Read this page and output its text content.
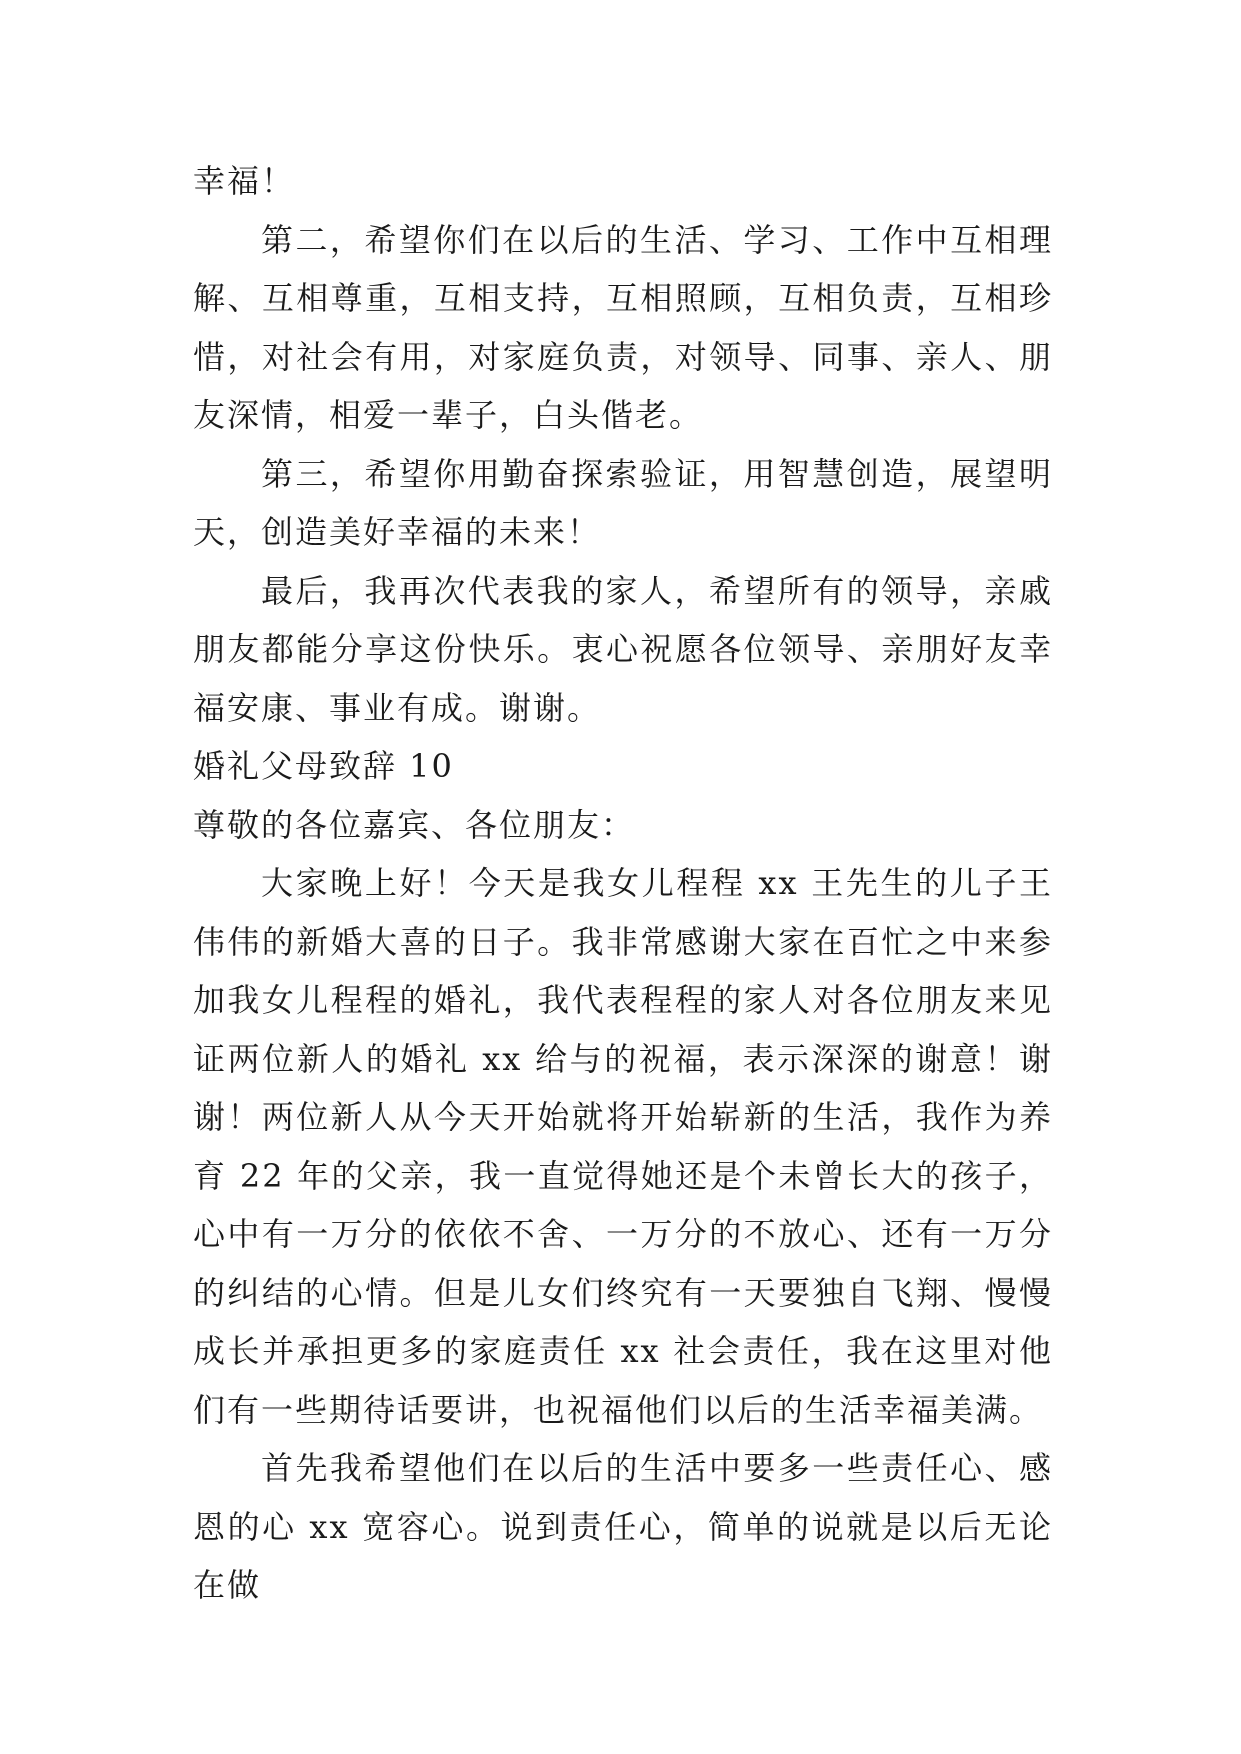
幸福！

第二，希望你们在以后的生活、学习、工作中互相理解、互相尊重，互相支持，互相照顾，互相负责，互相珍惜，对社会有用，对家庭负责，对领导、同事、亲人、朋友深情，相爱一辈子，白头偕老。

第三，希望你用勤奋探索验证，用智慧创造，展望明天，创造美好幸福的未来！

最后，我再次代表我的家人，希望所有的领导，亲戚朋友都能分享这份快乐。衷心祝愿各位领导、亲朋好友幸福安康、事业有成。谢谢。

婚礼父母致辞 10

尊敬的各位嘉宾、各位朋友：

大家晚上好！今天是我女儿程程 xx 王先生的儿子王伟伟的新婚大喜的日子。我非常感谢大家在百忙之中来参加我女儿程程的婚礼，我代表程程的家人对各位朋友来见证两位新人的婚礼 xx 给与的祝福，表示深深的谢意！谢谢！两位新人从今天开始就将开始崭新的生活，我作为养育 22 年的父亲，我一直觉得她还是个未曾长大的孩子，心中有一万分的依依不舍、一万分的不放心、还有一万分的纠结的心情。但是儿女们终究有一天要独自飞翔、慢慢成长并承担更多的家庭责任 xx 社会责任，我在这里对他们有一些期待话要讲，也祝福他们以后的生活幸福美满。

首先我希望他们在以后的生活中要多一些责任心、感恩的心 xx 宽容心。说到责任心，简单的说就是以后无论在做
